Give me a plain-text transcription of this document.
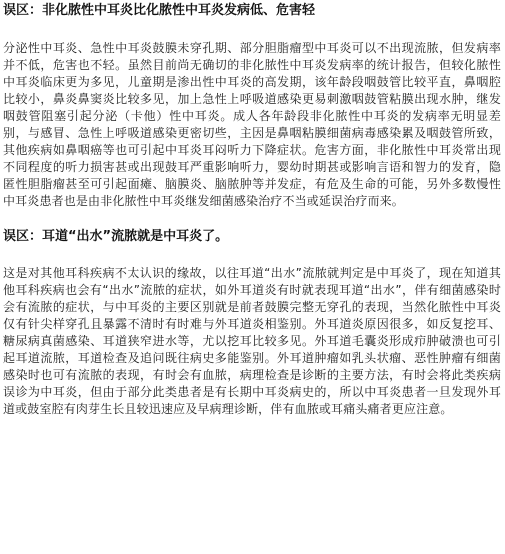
误区：非化脓性中耳炎比化脓性中耳炎发病低、危害轻

分泌性中耳炎、急性中耳炎鼓膜未穿孔期、部分胆脂瘤型中耳炎可以不出现流脓，但发病率并不低，危害也不轻。虽然目前尚无确切的非化脓性中耳炎发病率的统计报告，但较化脓性中耳炎临床更为多见，儿童期是渗出性中耳炎的高发期，该年龄段咽鼓管比较平直，鼻咽腔比较小，鼻炎鼻窦炎比较多见，加上急性上呼吸道感染更易刺激咽鼓管粘膜出现水肿，继发咽鼓管阻塞引起分泌（卡他）性中耳炎。成人各年龄段非化脓性中耳炎的发病率无明显差别，与感冒、急性上呼吸道感染更密切些，主因是鼻咽粘膜细菌病毒感染累及咽鼓管所致，其他疾病如鼻咽癌等也可引起中耳炎耳闷听力下降症状。危害方面，非化脓性中耳炎常出现不同程度的听力损害甚或出现鼓耳严重影响听力，婴幼时期甚或影响言语和智力的发育，隐匿性胆脂瘤甚至可引起面瘫、脑膜炎、脑脓肿等并发症，有危及生命的可能，另外多数慢性中耳炎患者也是由非化脓性中耳炎继发细菌感染治疗不当或延误治疗而来。

误区：耳道“出水”流脓就是中耳炎了。

这是对其他耳科疾病不太认识的缘故，以往耳道“出水”流脓就判定是中耳炎了，现在知道其他耳科疾病也会有“出水”流脓的症状，如外耳道炎有时就表现耳道“出水”，伴有细菌感染时会有流脓的症状，与中耳炎的主要区别就是前者鼓膜完整无穿孔的表现，当然化脓性中耳炎仅有针尖样穿孔且暴露不清时有时难与外耳道炎相鉴别。外耳道炎原因很多，如反复挖耳、糖尿病真菌感染、耳道狭窄进水等，尤以挖耳比较多见。外耳道毛囊炎形成疖肿破溃也可引起耳道流脓，耳道检查及追问既往病史多能鉴别。外耳道肿瘤如乳头状瘤、恶性肿瘤有细菌感染时也可有流脓的表现，有时会有血脓，病理检查是诊断的主要方法，有时会将此类疾病误诊为中耳炎，但由于部分此类患者是有长期中耳炎病史的，所以中耳炎患者一旦发现外耳道或鼓室腔有肉芽生长且较迅速应及早病理诊断，伴有血脓或耳痛头痛者更应注意。
